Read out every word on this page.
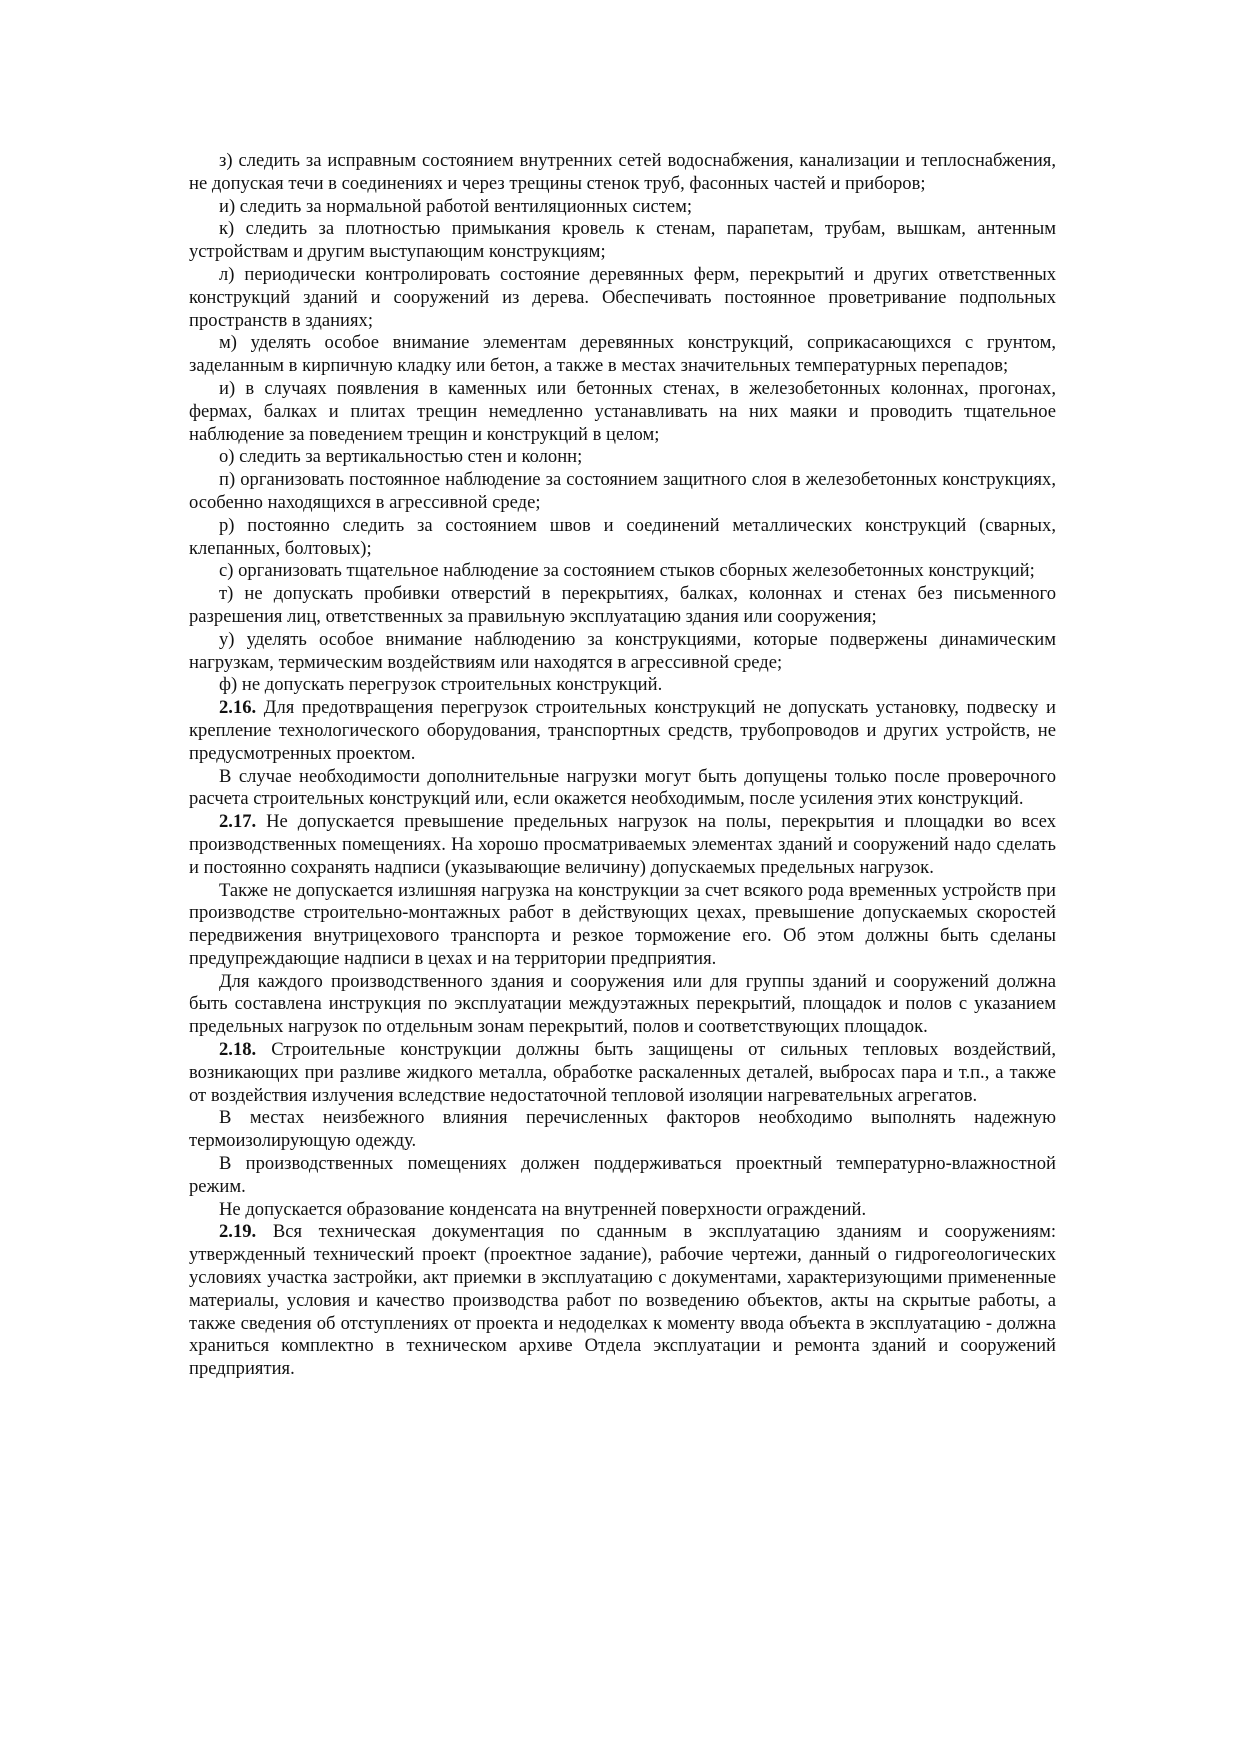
з) следить за исправным состоянием внутренних сетей водоснабжения, канализации и теплоснабжения, не допуская течи в соединениях и через трещины стенок труб, фасонных частей и приборов;

и) следить за нормальной работой вентиляционных систем;

к) следить за плотностью примыкания кровель к стенам, парапетам, трубам, вышкам, антенным устройствам и другим выступающим конструкциям;

л) периодически контролировать состояние деревянных ферм, перекрытий и других ответственных конструкций зданий и сооружений из дерева. Обеспечивать постоянное проветривание подпольных пространств в зданиях;

м) уделять особое внимание элементам деревянных конструкций, соприкасающихся с грунтом, заделанным в кирпичную кладку или бетон, а также в местах значительных температурных перепадов;

и) в случаях появления в каменных или бетонных стенах, в железобетонных колоннах, прогонах, фермах, балках и плитах трещин немедленно устанавливать на них маяки и проводить тщательное наблюдение за поведением трещин и конструкций в целом;

о) следить за вертикальностью стен и колонн;

п) организовать постоянное наблюдение за состоянием защитного слоя в железобетонных конструкциях, особенно находящихся в агрессивной среде;

р) постоянно следить за состоянием швов и соединений металлических конструкций (сварных, клепанных, болтовых);

с) организовать тщательное наблюдение за состоянием стыков сборных железобетонных конструкций;

т) не допускать пробивки отверстий в перекрытиях, балках, колоннах и стенах без письменного разрешения лиц, ответственных за правильную эксплуатацию здания или сооружения;

у) уделять особое внимание наблюдению за конструкциями, которые подвержены динамическим нагрузкам, термическим воздействиям или находятся в агрессивной среде;

ф) не допускать перегрузок строительных конструкций.

2.16. Для предотвращения перегрузок строительных конструкций не допускать установку, подвеску и крепление технологического оборудования, транспортных средств, трубопроводов и других устройств, не предусмотренных проектом.

В случае необходимости дополнительные нагрузки могут быть допущены только после проверочного расчета строительных конструкций или, если окажется необходимым, после усиления этих конструкций.

2.17. Не допускается превышение предельных нагрузок на полы, перекрытия и площадки во всех производственных помещениях. На хорошо просматриваемых элементах зданий и сооружений надо сделать и постоянно сохранять надписи (указывающие величину) допускаемых предельных нагрузок.

Также не допускается излишняя нагрузка на конструкции за счет всякого рода временных устройств при производстве строительно-монтажных работ в действующих цехах, превышение допускаемых скоростей передвижения внутрицехового транспорта и резкое торможение его. Об этом должны быть сделаны предупреждающие надписи в цехах и на территории предприятия.

Для каждого производственного здания и сооружения или для группы зданий и сооружений должна быть составлена инструкция по эксплуатации междуэтажных перекрытий, площадок и полов с указанием предельных нагрузок по отдельным зонам перекрытий, полов и соответствующих площадок.

2.18. Строительные конструкции должны быть защищены от сильных тепловых воздействий, возникающих при разливе жидкого металла, обработке раскаленных деталей, выбросах пара и т.п., а также от воздействия излучения вследствие недостаточной тепловой изоляции нагревательных агрегатов.

В местах неизбежного влияния перечисленных факторов необходимо выполнять надежную термоизолирующую одежду.

В производственных помещениях должен поддерживаться проектный температурно-влажностной режим.

Не допускается образование конденсата на внутренней поверхности ограждений.

2.19. Вся техническая документация по сданным в эксплуатацию зданиям и сооружениям: утвержденный технический проект (проектное задание), рабочие чертежи, данный о гидрогеологических условиях участка застройки, акт приемки в эксплуатацию с документами, характеризующими примененные материалы, условия и качество производства работ по возведению объектов, акты на скрытые работы, а также сведения об отступлениях от проекта и недоделках к моменту ввода объекта в эксплуатацию - должна храниться комплектно в техническом архиве Отдела эксплуатации и ремонта зданий и сооружений предприятия.
